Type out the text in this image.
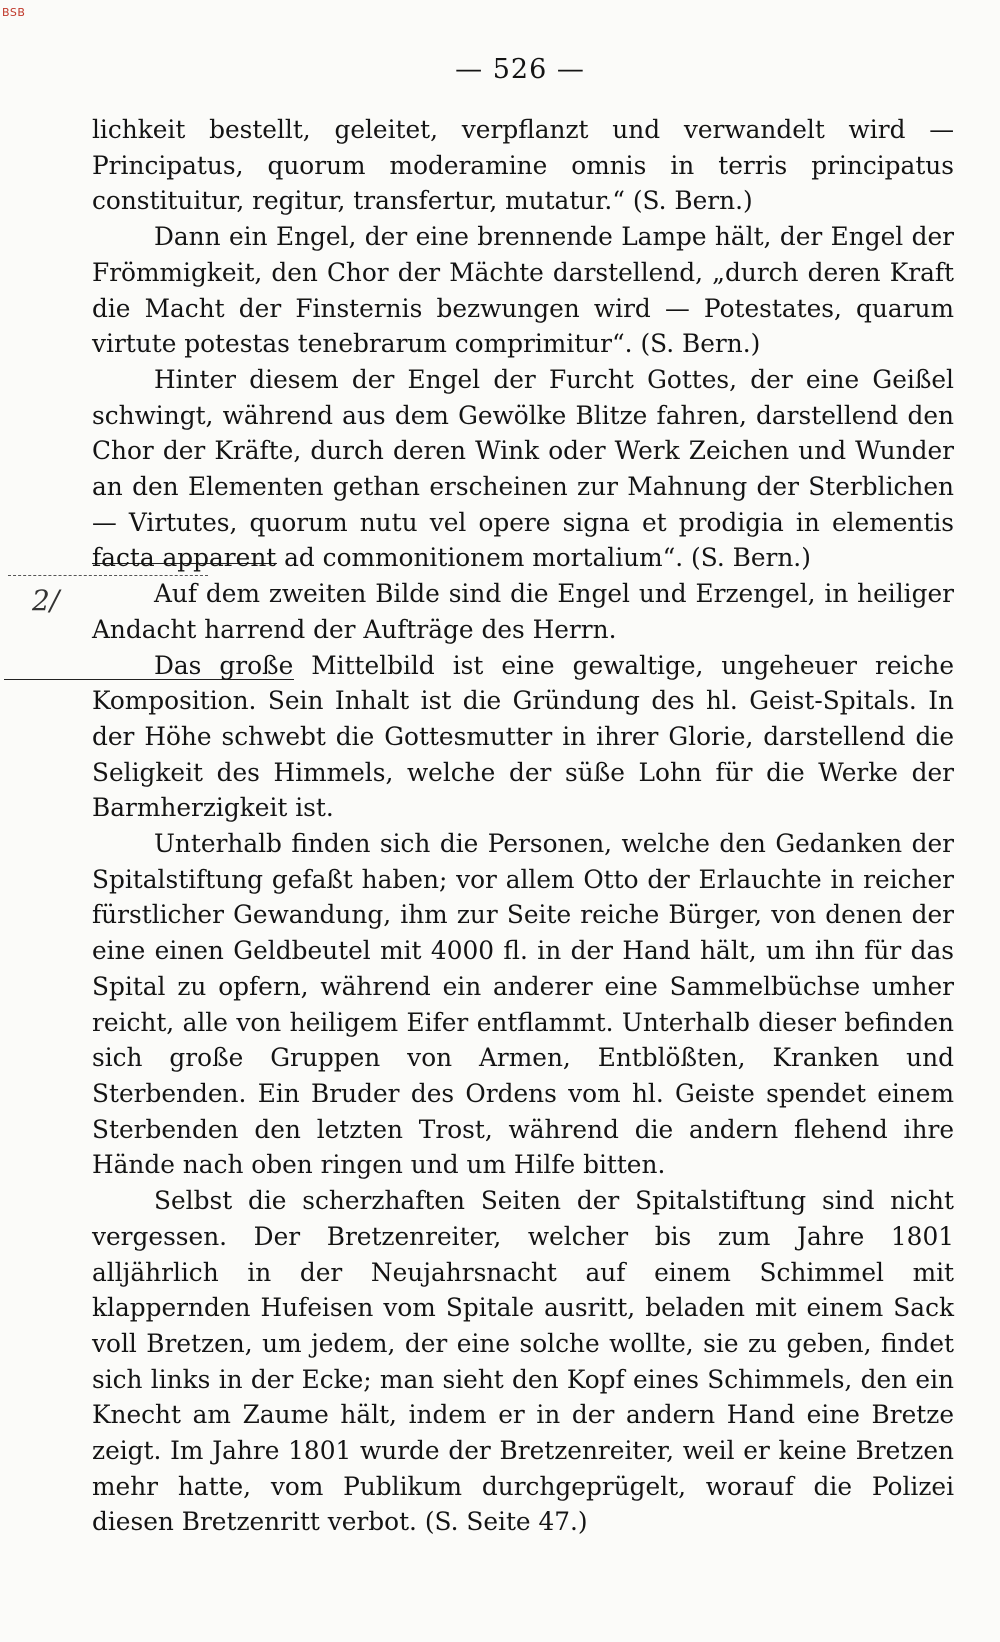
BSB
— 526 —
2/

lichkeit bestellt, geleitet, verpflanzt und verwandelt wird — Principatus, quorum moderamine omnis in terris principatus constituitur, regitur, transfertur, mutatur.“ (S. Bern.)

Dann ein Engel, der eine brennende Lampe hält, der Engel der Frömmigkeit, den Chor der Mächte darstellend, „durch deren Kraft die Macht der Finsternis bezwungen wird — Potestates, quarum virtute potestas tenebrarum comprimitur“. (S. Bern.)

Hinter diesem der Engel der Furcht Gottes, der eine Geißel schwingt, während aus dem Gewölke Blitze fahren, darstellend den Chor der Kräfte, durch deren Wink oder Werk Zeichen und Wunder an den Elementen gethan erscheinen zur Mahnung der Sterblichen — Virtutes, quorum nutu vel opere signa et prodigia in elementis facta apparent ad commonitionem mortalium“. (S. Bern.)

Auf dem zweiten Bilde sind die Engel und Erzengel, in heiliger Andacht harrend der Aufträge des Herrn.

Das große Mittelbild ist eine gewaltige, ungeheuer reiche Komposition. Sein Inhalt ist die Gründung des hl. Geist-Spitals. In der Höhe schwebt die Gottesmutter in ihrer Glorie, darstellend die Seligkeit des Himmels, welche der süße Lohn für die Werke der Barmherzigkeit ist.

Unterhalb finden sich die Personen, welche den Gedanken der Spitalstiftung gefaßt haben; vor allem Otto der Erlauchte in reicher fürstlicher Gewandung, ihm zur Seite reiche Bürger, von denen der eine einen Geldbeutel mit 4000 fl. in der Hand hält, um ihn für das Spital zu opfern, während ein anderer eine Sammelbüchse umher reicht, alle von heiligem Eifer entflammt. Unterhalb dieser befinden sich große Gruppen von Armen, Entblößten, Kranken und Sterbenden. Ein Bruder des Ordens vom hl. Geiste spendet einem Sterbenden den letzten Trost, während die andern flehend ihre Hände nach oben ringen und um Hilfe bitten.

Selbst die scherzhaften Seiten der Spitalstiftung sind nicht vergessen. Der Bretzenreiter, welcher bis zum Jahre 1801 alljährlich in der Neujahrsnacht auf einem Schimmel mit klappernden Hufeisen vom Spitale ausritt, beladen mit einem Sack voll Bretzen, um jedem, der eine solche wollte, sie zu geben, findet sich links in der Ecke; man sieht den Kopf eines Schimmels, den ein Knecht am Zaume hält, indem er in der andern Hand eine Bretze zeigt. Im Jahre 1801 wurde der Bretzenreiter, weil er keine Bretzen mehr hatte, vom Publikum durchgeprügelt, worauf die Polizei diesen Bretzenritt verbot. (S. Seite 47.)
